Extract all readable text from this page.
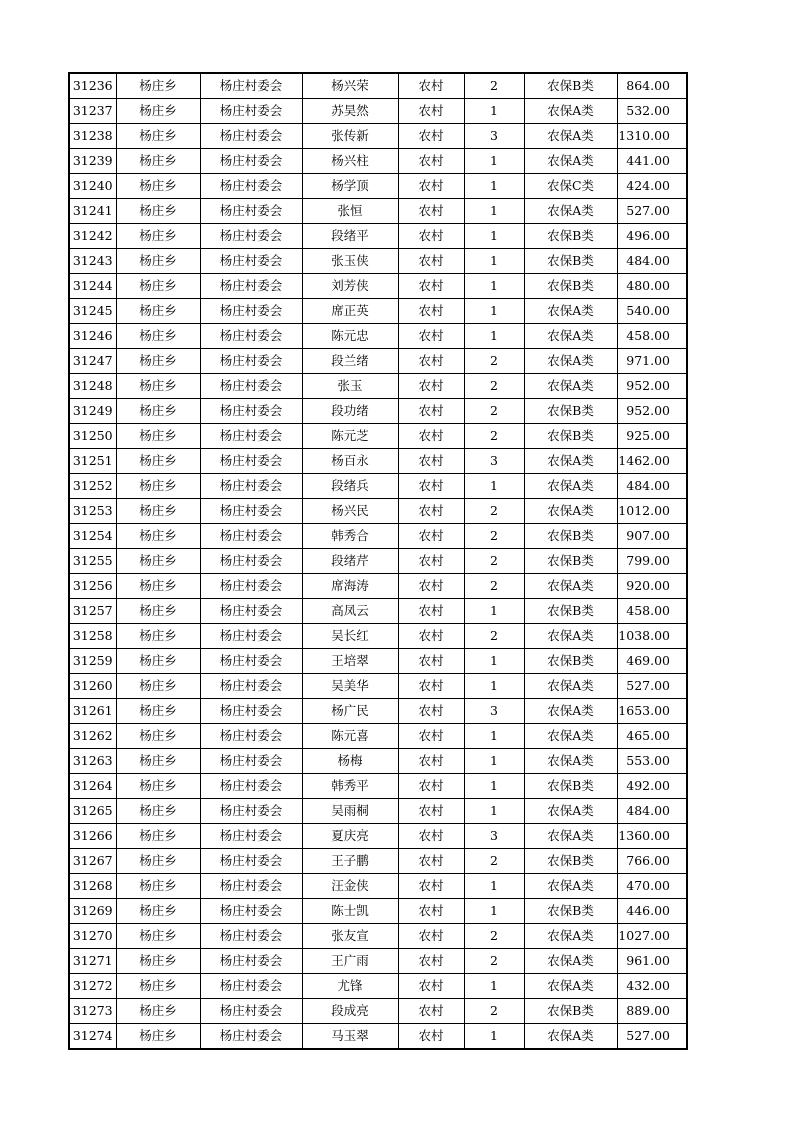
31236	杨庄乡	杨庄村委会	杨兴荣	农村	2	农保B类	864.00
31237	杨庄乡	杨庄村委会	苏昊然	农村	1	农保A类	532.00
31238	杨庄乡	杨庄村委会	张传新	农村	3	农保A类	1310.00
31239	杨庄乡	杨庄村委会	杨兴柱	农村	1	农保A类	441.00
31240	杨庄乡	杨庄村委会	杨学顶	农村	1	农保C类	424.00
31241	杨庄乡	杨庄村委会	张恒	农村	1	农保A类	527.00
31242	杨庄乡	杨庄村委会	段绪平	农村	1	农保B类	496.00
31243	杨庄乡	杨庄村委会	张玉侠	农村	1	农保B类	484.00
31244	杨庄乡	杨庄村委会	刘芳侠	农村	1	农保B类	480.00
31245	杨庄乡	杨庄村委会	席正英	农村	1	农保A类	540.00
31246	杨庄乡	杨庄村委会	陈元忠	农村	1	农保A类	458.00
31247	杨庄乡	杨庄村委会	段兰绪	农村	2	农保A类	971.00
31248	杨庄乡	杨庄村委会	张玉	农村	2	农保A类	952.00
31249	杨庄乡	杨庄村委会	段功绪	农村	2	农保B类	952.00
31250	杨庄乡	杨庄村委会	陈元芝	农村	2	农保B类	925.00
31251	杨庄乡	杨庄村委会	杨百永	农村	3	农保A类	1462.00
31252	杨庄乡	杨庄村委会	段绪兵	农村	1	农保A类	484.00
31253	杨庄乡	杨庄村委会	杨兴民	农村	2	农保A类	1012.00
31254	杨庄乡	杨庄村委会	韩秀合	农村	2	农保B类	907.00
31255	杨庄乡	杨庄村委会	段绪芹	农村	2	农保B类	799.00
31256	杨庄乡	杨庄村委会	席海涛	农村	2	农保A类	920.00
31257	杨庄乡	杨庄村委会	高凤云	农村	1	农保B类	458.00
31258	杨庄乡	杨庄村委会	吴长红	农村	2	农保A类	1038.00
31259	杨庄乡	杨庄村委会	王培翠	农村	1	农保B类	469.00
31260	杨庄乡	杨庄村委会	吴美华	农村	1	农保A类	527.00
31261	杨庄乡	杨庄村委会	杨广民	农村	3	农保A类	1653.00
31262	杨庄乡	杨庄村委会	陈元喜	农村	1	农保A类	465.00
31263	杨庄乡	杨庄村委会	杨梅	农村	1	农保A类	553.00
31264	杨庄乡	杨庄村委会	韩秀平	农村	1	农保B类	492.00
31265	杨庄乡	杨庄村委会	吴雨桐	农村	1	农保A类	484.00
31266	杨庄乡	杨庄村委会	夏庆亮	农村	3	农保A类	1360.00
31267	杨庄乡	杨庄村委会	王子鹏	农村	2	农保B类	766.00
31268	杨庄乡	杨庄村委会	汪金侠	农村	1	农保A类	470.00
31269	杨庄乡	杨庄村委会	陈士凯	农村	1	农保B类	446.00
31270	杨庄乡	杨庄村委会	张友宣	农村	2	农保A类	1027.00
31271	杨庄乡	杨庄村委会	王广雨	农村	2	农保A类	961.00
31272	杨庄乡	杨庄村委会	尤锋	农村	1	农保A类	432.00
31273	杨庄乡	杨庄村委会	段成亮	农村	2	农保B类	889.00
31274	杨庄乡	杨庄村委会	马玉翠	农村	1	农保A类	527.00
